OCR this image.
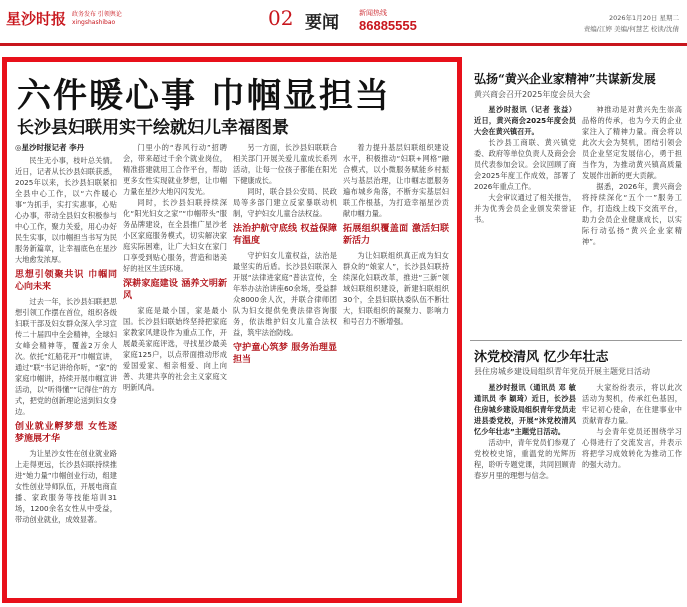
星沙时报 政务发布 引领舆论
xingshashibao	02 要闻	新闻热线
86885555	2026年1月20日 星期二
责编/江婷 美编/何慧艺 校读/沈倩
六件暖心事 巾帼显担当
长沙县妇联用实干绘就妇儿幸福图景
◎星沙时报记者 李丹

民生无小事，枝叶总关情。近日，记者从长沙县妇联获悉，2025年以来，长沙县妇联紧扣全县中心工作，以“六件暖心事”为抓手，实打实惠事，心贴心办事，带动全县妇女积极参与中心工作，聚力关爱，用心办好民生实事，以巾帼担当书写为民服务新篇章，让幸福底色在星沙大地愈发浓厚。

思想引领聚共识 巾帼同心向未来

过去一年，长沙县妇联把思想引领工作摆在首位，组织各级妇联干部及妇女群众深入学习宣传二十届四中全会精神，全球妇女峰会精神等，覆盖2万余人次。依托“红船花开”巾帼宣讲，通过“联”书记讲给你听，“家”的家庭巾帼讲，持续开展巾帼宣讲活动，以“听得懂”“记得住”的方式，把党的创新理论送到妇女身边。

创业就业孵梦想 女性逐梦施展才华

为让星沙女性在创业就业路上走得更远，长沙县妇联持续推进“她力量”巾帼创业行动，组建女性创业导师队伍，开展电商直播、家政服务等技能培训31场，1200余名女性从中受益，带动创业就业，成效显著。

门里小的“春风行动”招聘会，带来超过千余个就业岗位，精准搭建就用工合作平台，帮助更多女性实现就业梦想，让巾帼力量在星沙大地闪闪发光。

同时，长沙县妇联持续深化“阳光妇女之家”“巾帼带头”服务品牌建设，在全县推广星沙老小区家庭服务模式，切实解决家庭实际困难，让广大妇女在家门口享受到贴心服务，营造和谐美好的社区生活环境。

深耕家庭建设 涵养文明新风

家庭是最小国，家是最小国。长沙县妇联始终坚持把家庭家教家风建设作为重点工作，开展最美家庭评选，寻找星沙最美家庭125户，以点带面推动形成爱国爱家、相亲相爱、向上向善、共建共享的社会主义家庭文明新风尚。

另一方面，长沙县妇联联合相关部门开展关爱儿童成长系列活动，让每一位孩子都能在阳光下健康成长。

同时，联合县公安局、民政局等多部门建立反家暴联动机制，守护妇女儿童合法权益。

法治护航守底线 权益保障有温度

守护妇女儿童权益，法治是最坚实的后盾。长沙县妇联深入开展“法律进家庭”普法宣传，全年举办法治讲座60余场，受益群众8000余人次，并联合律师团队为妇女提供免费法律咨询服务，依法维护妇女儿童合法权益，筑牢法治防线。

守护童心筑梦 服务治理显担当

着力提升基层妇联组织建设水平，积极推动“妇联+网格”融合模式，以小微服务赋能乡村振兴与基层治理，让巾帼志愿服务遍布城乡角落，不断夯实基层妇联工作根基，为打造幸福星沙贡献巾帼力量。

拓展组织覆盖面 激活妇联新活力

为让妇联组织真正成为妇女群众的“娘家人”，长沙县妇联持续深化妇联改革，推进“三新”领域妇联组织建设，新建妇联组织30个，全县妇联执委队伍不断壮大，妇联组织的凝聚力、影响力和号召力不断增强。

弘扬“黄兴企业家精神”共谋新发展
黄兴商会召开2025年度会员大会

星沙时报讯（记者 张益）近日，黄兴商会2025年度会员大会在黄兴镇召开。

长沙县工商联、黄兴镇党委、政府等单位负责人及商会会员代表参加会议。会议回顾了商会2025年度工作成效，部署了2026年重点工作。

大会审议通过了相关报告，并为优秀会员企业颁发荣誉证书。

神推动是对黄兴先生崇高品格的传承，也为今天的企业家注入了精神力量。商会将以此次大会为契机，团结引领会员企业坚定发展信心，勇于担当作为，为推动黄兴镇高质量发展作出新的更大贡献。

据悉，2026年，黄兴商会将持续深化“五个一”服务工作，打造线上线下交流平台，助力会员企业健康成长，以实际行动弘扬“黄兴企业家精神”。

沐党校清风 忆少年壮志
县住房城乡建设局组织青年党员开展主题党日活动

星沙时报讯（通讯员 邓 敏 通讯员 李 颖琦）近日，长沙县住房城乡建设局组织青年党员走进县委党校，开展“沐党校清风 忆少年壮志”主题党日活动。

活动中，青年党员们参观了党校校史馆，重温党的光辉历程，聆听专题党课，共同回顾青春岁月里的理想与信念。

大家纷纷表示，将以此次活动为契机，传承红色基因，牢记初心使命，在住建事业中贡献青春力量。

与会青年党员还围绕学习心得进行了交流发言，并表示将把学习成效转化为推动工作的强大动力。
